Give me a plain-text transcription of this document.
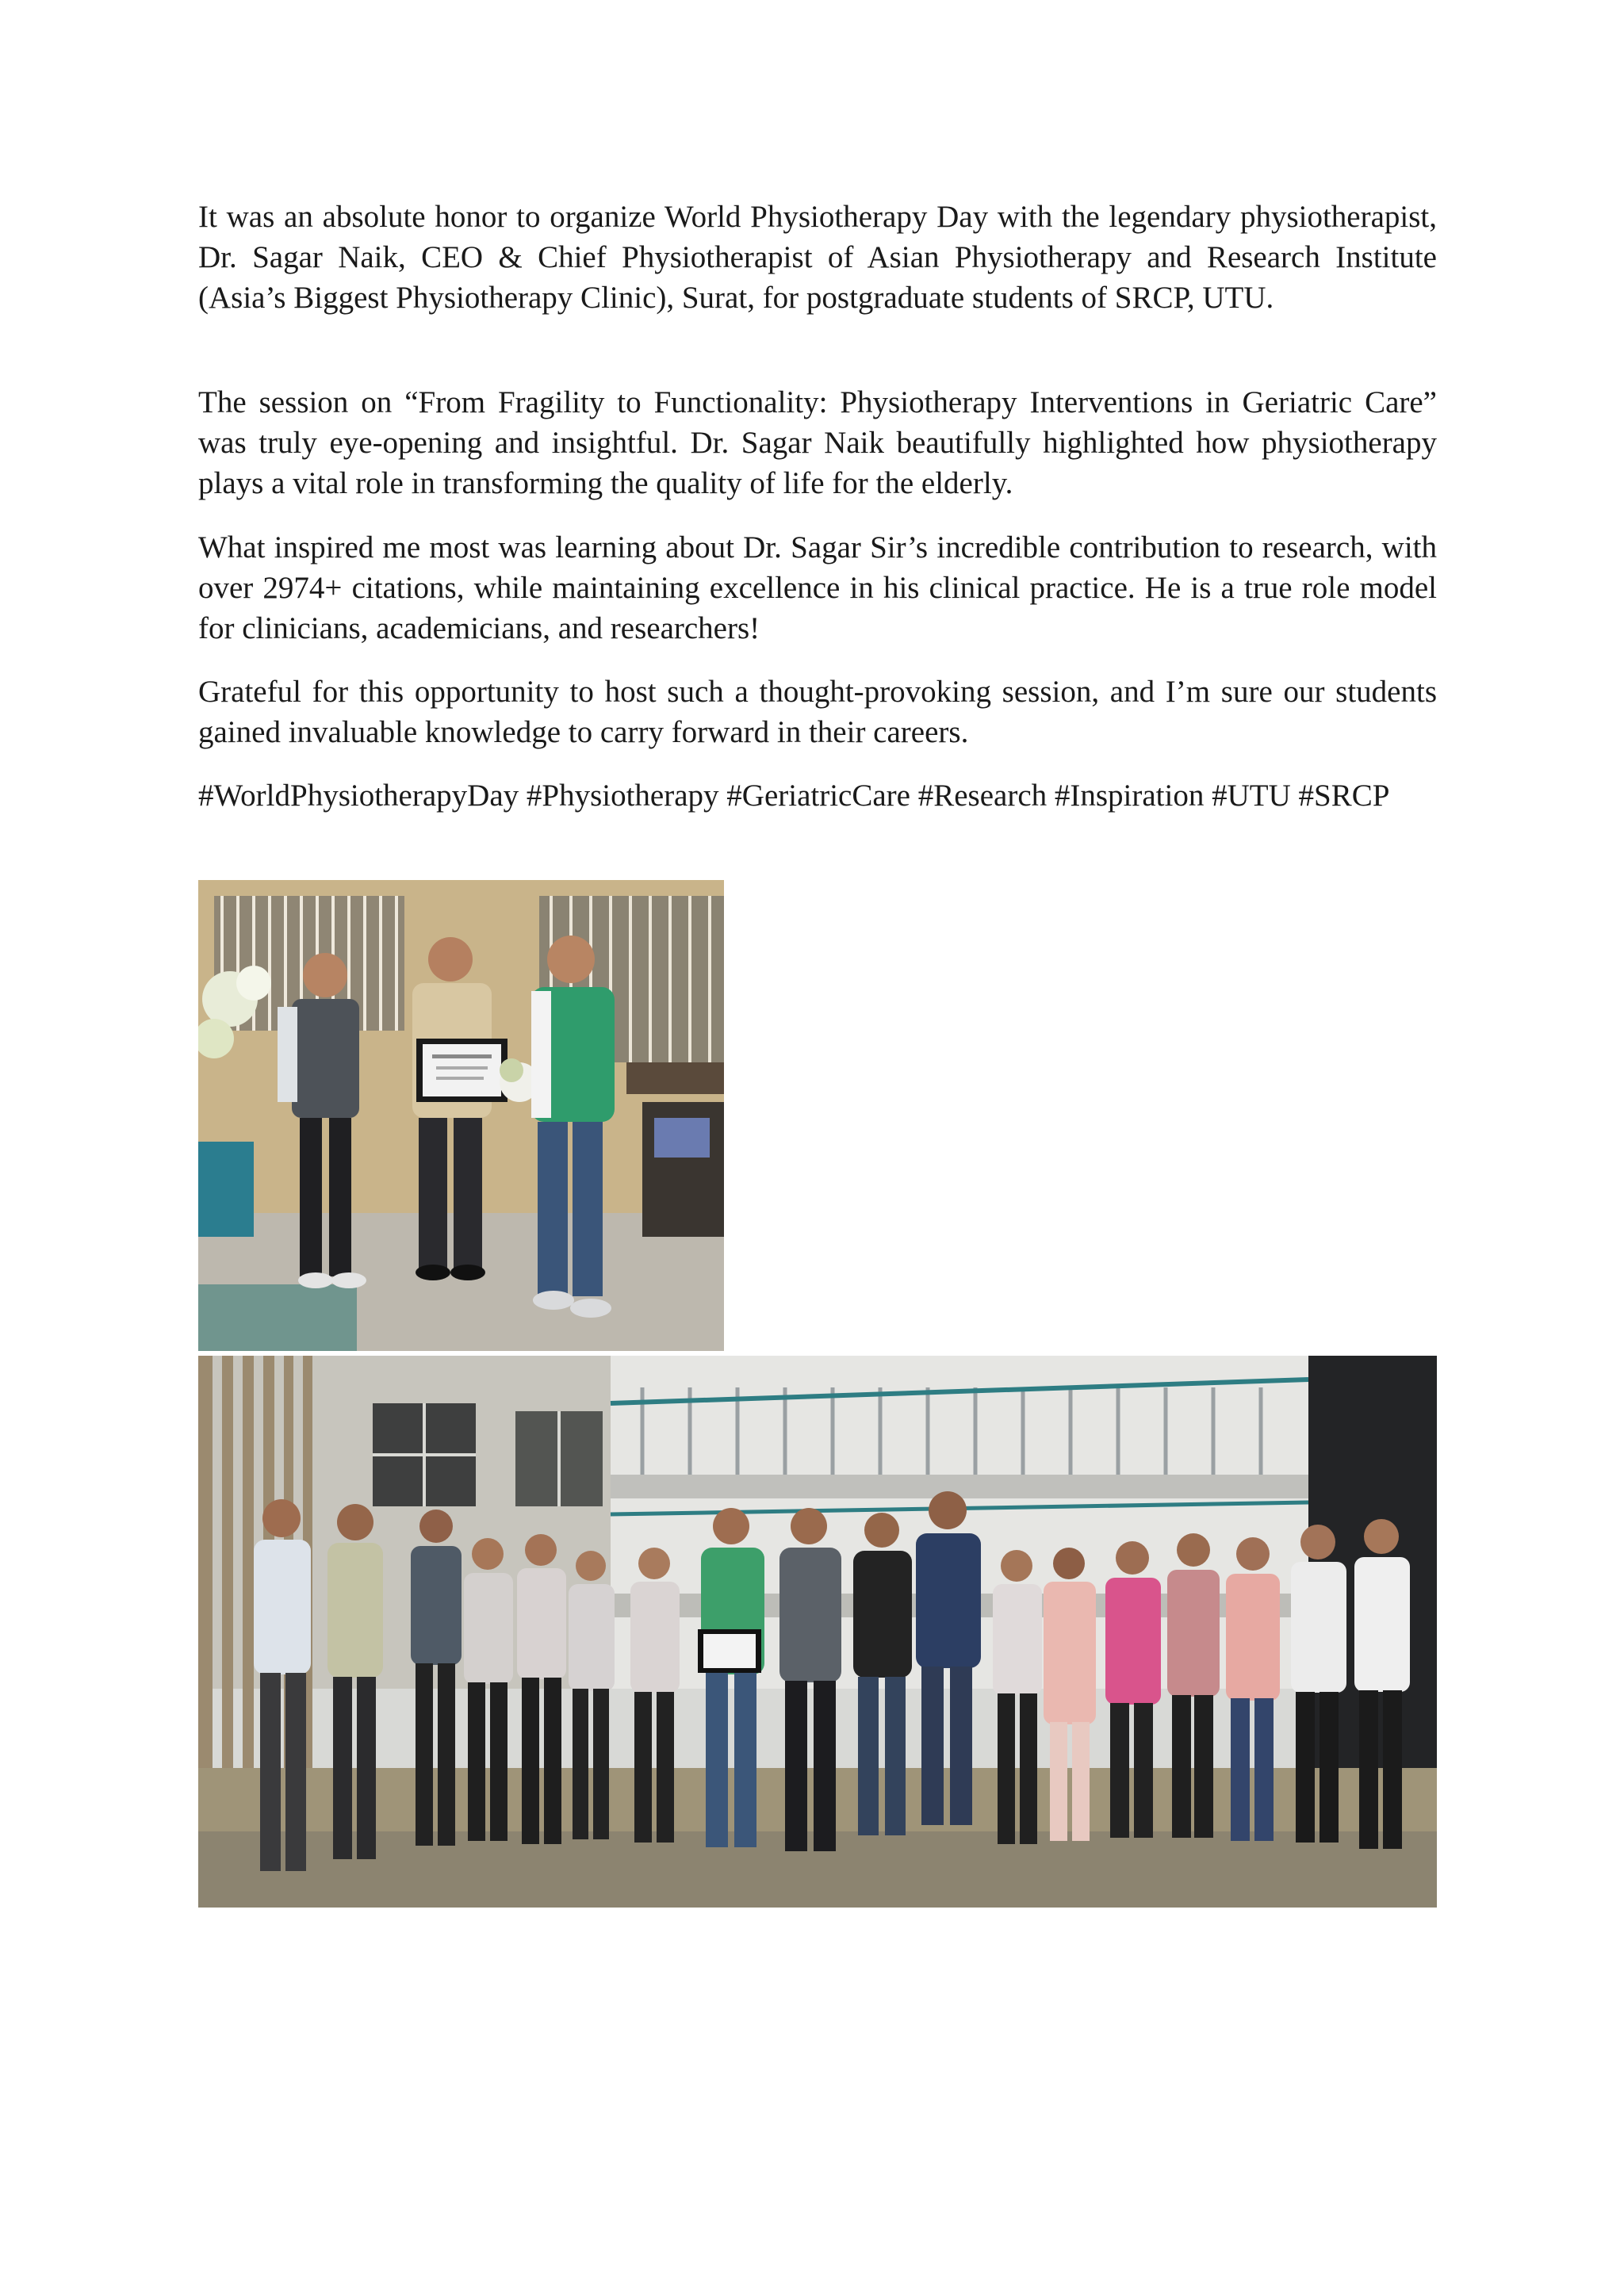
It was an absolute honor to organize World Physiotherapy Day with the legendary physiotherapist, Dr. Sagar Naik, CEO & Chief Physiotherapist of Asian Physiotherapy and Research Institute (Asia’s Biggest Physiotherapy Clinic), Surat, for postgraduate students of SRCP, UTU.

The session on “From Fragility to Functionality: Physiotherapy Interventions in Geriatric Care” was truly eye-opening and insightful. Dr. Sagar Naik beautifully highlighted how physiotherapy plays a vital role in transforming the quality of life for the elderly.

What inspired me most was learning about Dr. Sagar Sir’s incredible contribution to research, with over 2974+ citations, while maintaining excellence in his clinical practice. He is a true role model for clinicians, academicians, and researchers!

Grateful for this opportunity to host such a thought-provoking session, and I’m sure our students gained invaluable knowledge to carry forward in their careers.

#WorldPhysiotherapyDay #Physiotherapy #GeriatricCare #Research #Inspiration #UTU #SRCP
